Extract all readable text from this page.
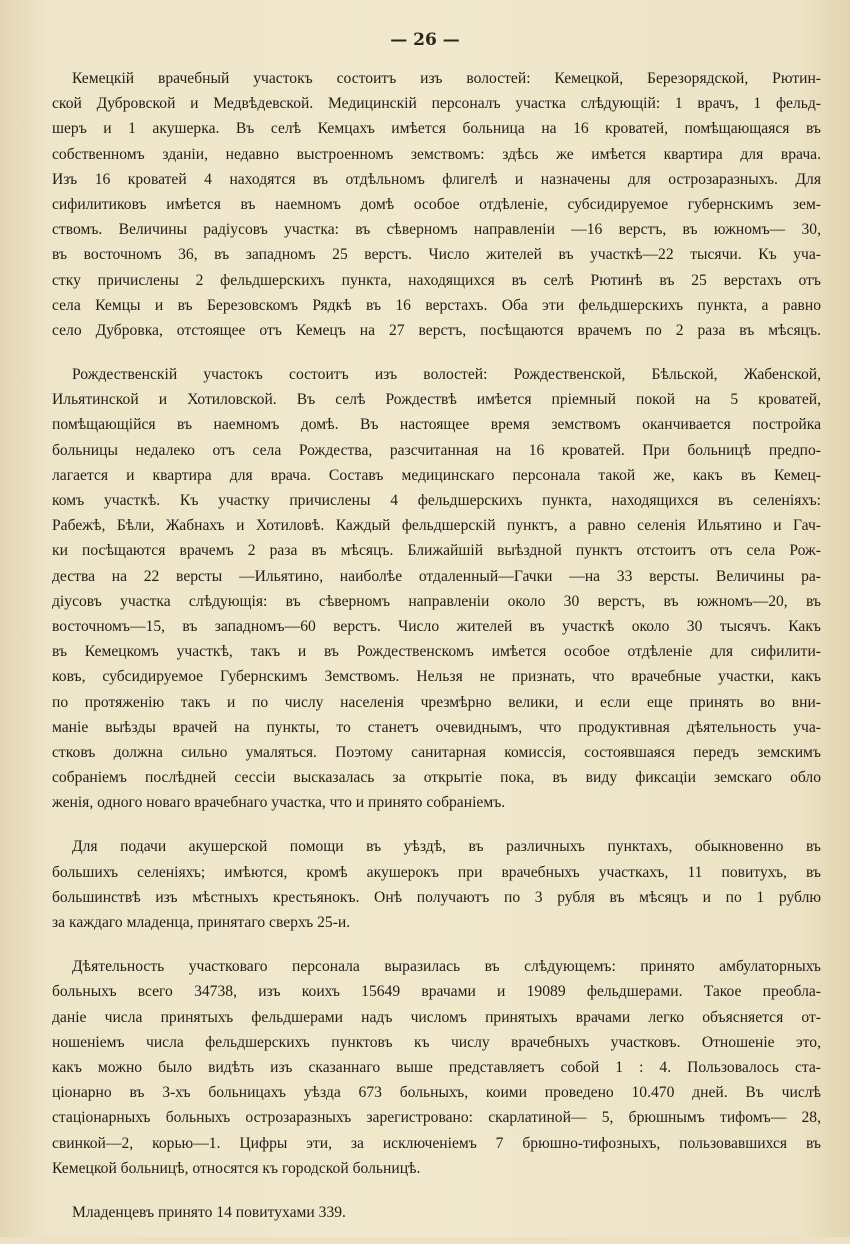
— 26 —
Кемецкій врачебный участокъ состоитъ изъ волостей: Кемецкой, Березорядской, Рютин-
ской Дубровской и Медвѣдевской. Медицинскій персоналъ участка слѣдующій: 1 врачъ, 1 фельд-
шеръ и 1 акушерка. Въ селѣ Кемцахъ имѣется больница на 16 кроватей, помѣщающаяся въ
собственномъ зданіи, недавно выстроенномъ земствомъ: здѣсь же имѣется квартира для врача.
Изъ 16 кроватей 4 находятся въ отдѣльномъ флигелѣ и назначены для острозаразныхъ. Для
сифилитиковъ имѣется въ наемномъ домѣ особое отдѣленіе, субсидируемое губернскимъ зем-
ствомъ. Величины радіусовъ участка: въ сѣверномъ направленіи —16 верстъ, въ южномъ— 30,
въ восточномъ 36, въ западномъ 25 верстъ. Число жителей въ участкѣ—22 тысячи. Къ уча-
стку причислены 2 фельдшерскихъ пункта, находящихся въ селѣ Рютинѣ въ 25 верстахъ отъ
села Кемцы и въ Березовскомъ Рядкѣ въ 16 верстахъ. Оба эти фельдшерскихъ пункта, а равно
село Дубровка, отстоящее отъ Кемецъ на 27 верстъ, посѣщаются врачемъ по 2 раза въ мѣсяцъ.
Рождественскій участокъ состоитъ изъ волостей: Рождественской, Бѣльской, Жабенской,
Ильятинской и Хотиловской. Въ селѣ Рождествѣ имѣется пріемный покой на 5 кроватей,
помѣщающійся въ наемномъ домѣ. Въ настоящее время земствомъ оканчивается постройка
больницы недалеко отъ села Рождества, разсчитанная на 16 кроватей. При больницѣ предпо-
лагается и квартира для врача. Составъ медицинскаго персонала такой же, какъ въ Кемец-
комъ участкѣ. Къ участку причислены 4 фельдшерскихъ пункта, находящихся въ селеніяхъ:
Рабежѣ, Бѣли, Жабнахъ и Хотиловѣ. Каждый фельдшерскій пунктъ, а равно селенія Ильятино и Гач-
ки посѣщаются врачемъ 2 раза въ мѣсяцъ. Ближайшій выѣздной пунктъ отстоитъ отъ села Рож-
дества на 22 версты —Ильятино, наиболѣе отдаленный—Гачки —на 33 версты. Величины ра-
діусовъ участка слѣдующія: въ сѣверномъ направленіи около 30 верстъ, въ южномъ—20, въ
восточномъ—15, въ западномъ—60 верстъ. Число жителей въ участкѣ около 30 тысячъ. Какъ
въ Кемецкомъ участкѣ, такъ и въ Рождественскомъ имѣется особое отдѣленіе для сифилити-
ковъ, субсидируемое Губернскимъ Земствомъ. Нельзя не признать, что врачебные участки, какъ
по протяженію такъ и по числу населенія чрезмѣрно велики, и если еще принять во вни-
маніе выѣзды врачей на пункты, то станетъ очевиднымъ, что продуктивная дѣятельность уча-
стковъ должна сильно умаляться. Поэтому санитарная комиссія, состоявшаяся передъ земскимъ
собраніемъ послѣдней сессіи высказалась за открытіе пока, въ виду фиксаціи земскаго обло
женія, одного новаго врачебнаго участка, что и принято собраніемъ.
Для подачи акушерской помощи въ уѣздѣ, въ различныхъ пунктахъ, обыкновенно въ
большихъ селеніяхъ; имѣются, кромѣ акушерокъ при врачебныхъ участкахъ, 11 повитухъ, въ
большинствѣ изъ мѣстныхъ крестьянокъ. Онѣ получаютъ по 3 рубля въ мѣсяцъ и по 1 рублю
за каждаго младенца, принятаго сверхъ 25-и.
Дѣятельность участковаго персонала выразилась въ слѣдующемъ: принято амбулаторныхъ
больныхъ всего 34738, изъ коихъ 15649 врачами и 19089 фельдшерами. Такое преобла-
даніе числа принятыхъ фельдшерами надъ числомъ принятыхъ врачами легко объясняется от-
ношеніемъ числа фельдшерскихъ пунктовъ къ числу врачебныхъ участковъ. Отношеніе это,
какъ можно было видѣть изъ сказаннаго выше представляетъ собой 1 : 4. Пользовалось ста-
ціонарно въ 3-хъ больницахъ уѣзда 673 больныхъ, коими проведено 10.470 дней. Въ числѣ
стаціонарныхъ больныхъ острозаразныхъ зарегистровано: скарлатиной— 5, брюшнымъ тифомъ— 28,
свинкой—2, корью—1. Цифры эти, за исключеніемъ 7 брюшно-тифозныхъ, пользовавшихся въ
Кемецкой больницѣ, относятся къ городской больницѣ.
Младенцевъ принято 14 повитухами 339.
